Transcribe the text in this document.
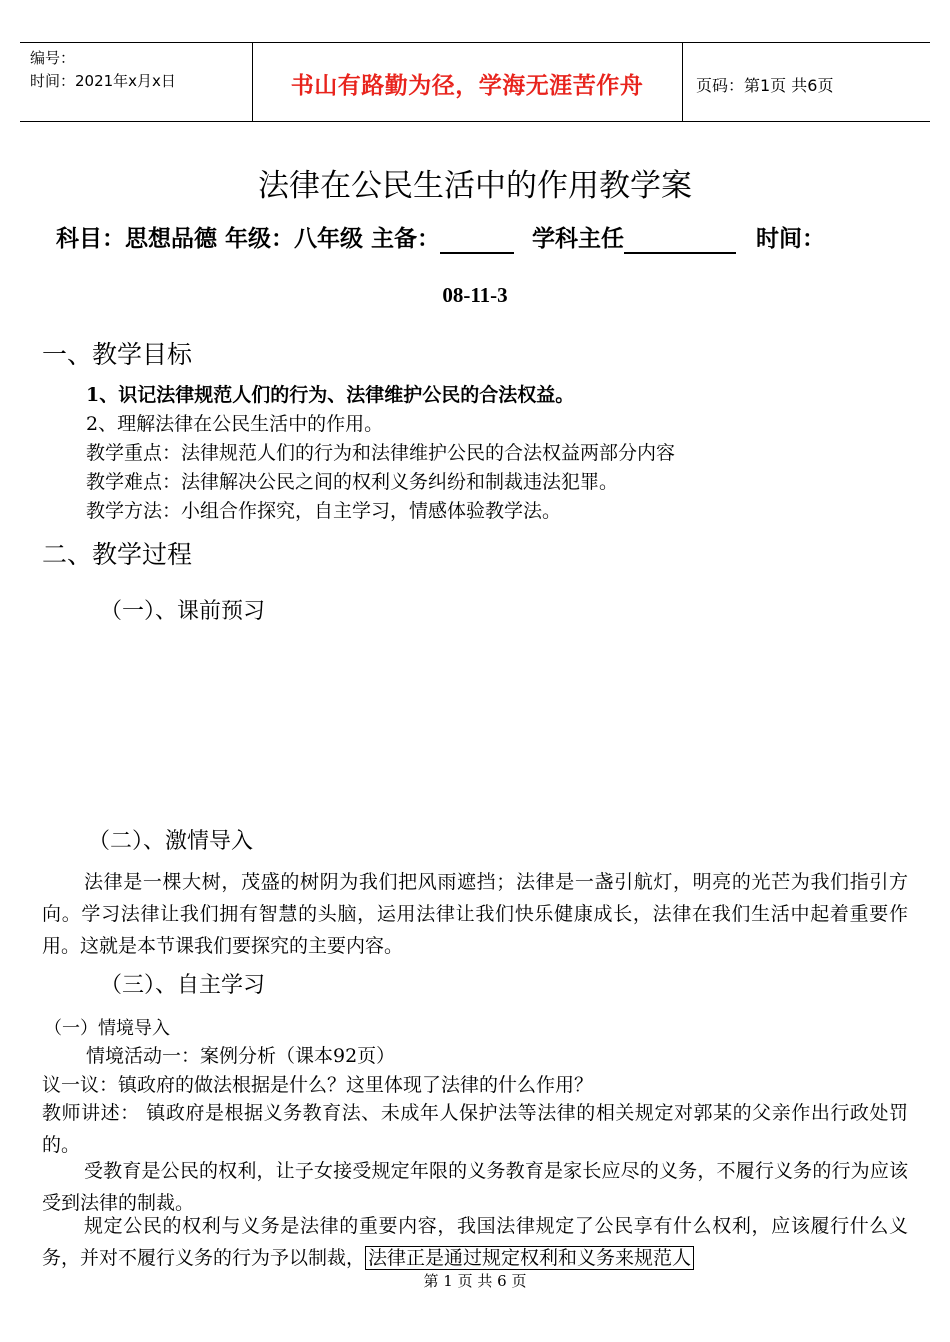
编号：
时间：2021年x月x日	书山有路勤为径，学海无涯苦作舟	页码：第1页 共6页
法律在公民生活中的作用教学案
科目：思想品德 年级：八年级 主备：	学科主任	时间：
08-11-3
一、教学目标
1、识记法律规范人们的行为、法律维护公民的合法权益。
2、理解法律在公民生活中的作用。
教学重点：法律规范人们的行为和法律维护公民的合法权益两部分内容
教学难点：法律解决公民之间的权利义务纠纷和制裁违法犯罪。
教学方法：小组合作探究，自主学习，情感体验教学法。
二、教学过程
（一）、课前预习
（二）、激情导入
法律是一棵大树，茂盛的树阴为我们把风雨遮挡；法律是一盏引航灯，明亮的光芒为我们指引方向。学习法律让我们拥有智慧的头脑，运用法律让我们快乐健康成长，法律在我们生活中起着重要作用。这就是本节课我们要探究的主要内容。
（三）、自主学习
（一）情境导入
情境活动一：案例分析（课本92页）
议一议：镇政府的做法根据是什么？这里体现了法律的什么作用？
教师讲述： 镇政府是根据义务教育法、未成年人保护法等法律的相关规定对郭某的父亲作出行政处罚的。
受教育是公民的权利，让子女接受规定年限的义务教育是家长应尽的义务，不履行义务的行为应该受到法律的制裁。
规定公民的权利与义务是法律的重要内容，我国法律规定了公民享有什么权利，应该履行什么义务，并对不履行义务的行为予以制裁， 法律正是通过规定权利和义务来规范人
第 1 页 共 6 页
